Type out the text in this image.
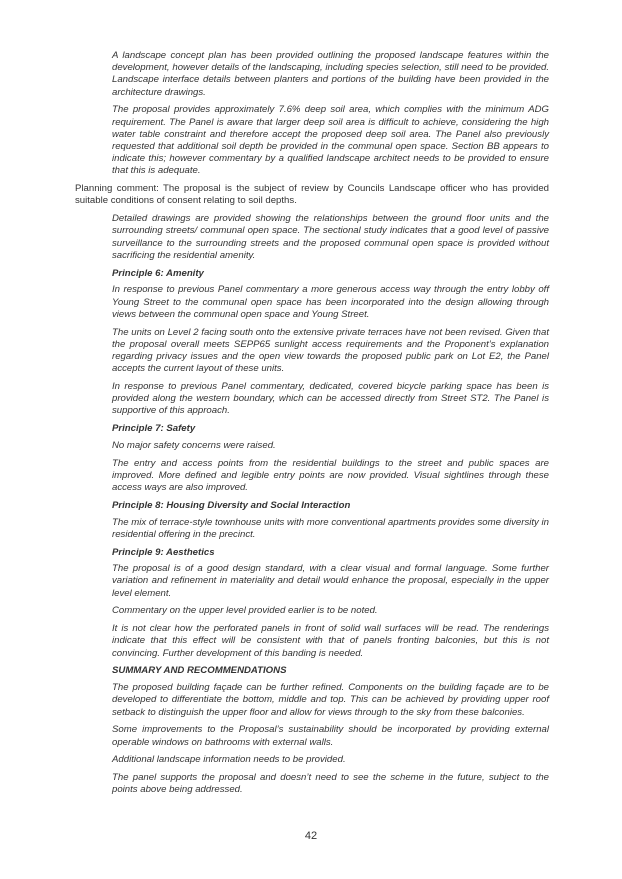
A landscape concept plan has been provided outlining the proposed landscape features within the development, however details of the landscaping, including species selection, still need to be provided. Landscape interface details between planters and portions of the building have been provided in the architecture drawings.

The proposal provides approximately 7.6% deep soil area, which complies with the minimum ADG requirement. The Panel is aware that larger deep soil area is difficult to achieve, considering the high water table constraint and therefore accept the proposed deep soil area. The Panel also previously requested that additional soil depth be provided in the communal open space. Section BB appears to indicate this; however commentary by a qualified landscape architect needs to be provided to ensure that this is adequate.

Planning comment: The proposal is the subject of review by Councils Landscape officer who has provided suitable conditions of consent relating to soil depths.

Detailed drawings are provided showing the relationships between the ground floor units and the surrounding streets/ communal open space. The sectional study indicates that a good level of passive surveillance to the surrounding streets and the proposed communal open space is provided without sacrificing the residential amenity.

Principle 6: Amenity

In response to previous Panel commentary a more generous access way through the entry lobby off Young Street to the communal open space has been incorporated into the design allowing through views between the communal open space and Young Street.

The units on Level 2 facing south onto the extensive private terraces have not been revised. Given that the proposal overall meets SEPP65 sunlight access requirements and the Proponent’s explanation regarding privacy issues and the open view towards the proposed public park on Lot E2, the Panel accepts the current layout of these units.

In response to previous Panel commentary, dedicated, covered bicycle parking space has been is provided along the western boundary, which can be accessed directly from Street ST2. The Panel is supportive of this approach.

Principle 7: Safety

No major safety concerns were raised.

The entry and access points from the residential buildings to the street and public spaces are improved. More defined and legible entry points are now provided. Visual sightlines through these access ways are also improved.

Principle 8: Housing Diversity and Social Interaction

The mix of terrace-style townhouse units with more conventional apartments provides some diversity in residential offering in the precinct.

Principle 9: Aesthetics

The proposal is of a good design standard, with a clear visual and formal language. Some further variation and refinement in materiality and detail would enhance the proposal, especially in the upper level element.

Commentary on the upper level provided earlier is to be noted.

It is not clear how the perforated panels in front of solid wall surfaces will be read. The renderings indicate that this effect will be consistent with that of panels fronting balconies, but this is not convincing. Further development of this banding is needed.

SUMMARY AND RECOMMENDATIONS

The proposed building façade can be further refined. Components on the building façade are to be developed to differentiate the bottom, middle and top. This can be achieved by providing upper roof setback to distinguish the upper floor and allow for views through to the sky from these balconies.

Some improvements to the Proposal’s sustainability should be incorporated by providing external operable windows on bathrooms with external walls.

Additional landscape information needs to be provided.

The panel supports the proposal and doesn’t need to see the scheme in the future, subject to the points above being addressed.

42
